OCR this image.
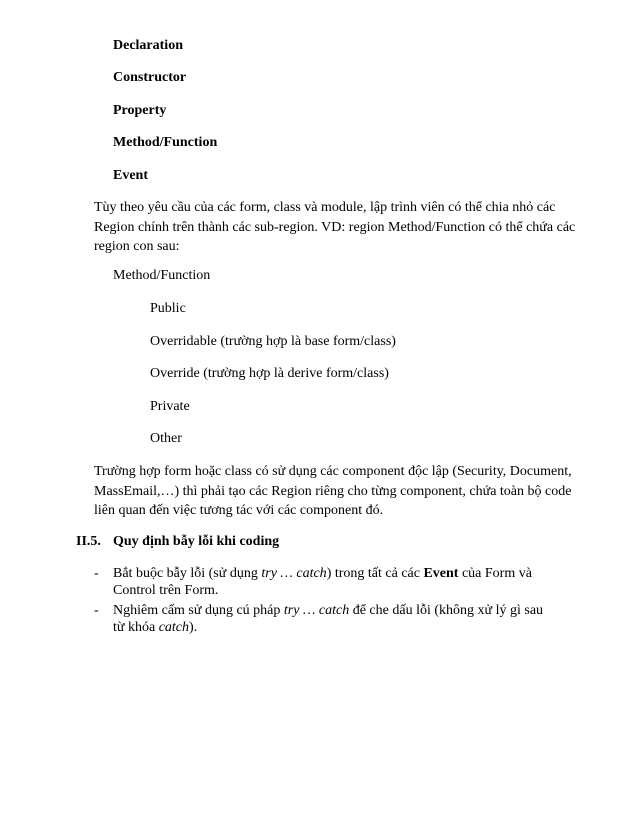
Declaration
Constructor
Property
Method/Function
Event
Tùy theo yêu cầu của các form, class và module, lập trình viên có thể chia nhỏ các Region chính trên thành các sub-region. VD: region Method/Function có thể chứa các region con sau:
Method/Function
Public
Overridable (trường hợp là base form/class)
Override (trường hợp là derive form/class)
Private
Other
Trường hợp form hoặc class có sử dụng các component độc lập (Security, Document, MassEmail,…) thì phải tạo các Region riêng cho từng component, chứa toàn bộ code liên quan đến việc tương tác với các component đó.
II.5. Quy định bẫy lỗi khi coding
- Bắt buộc bẫy lỗi (sử dụng try … catch) trong tất cả các Event của Form và Control trên Form.
- Nghiêm cấm sử dụng cú pháp try … catch để che dấu lỗi (không xử lý gì sau từ khóa catch).
